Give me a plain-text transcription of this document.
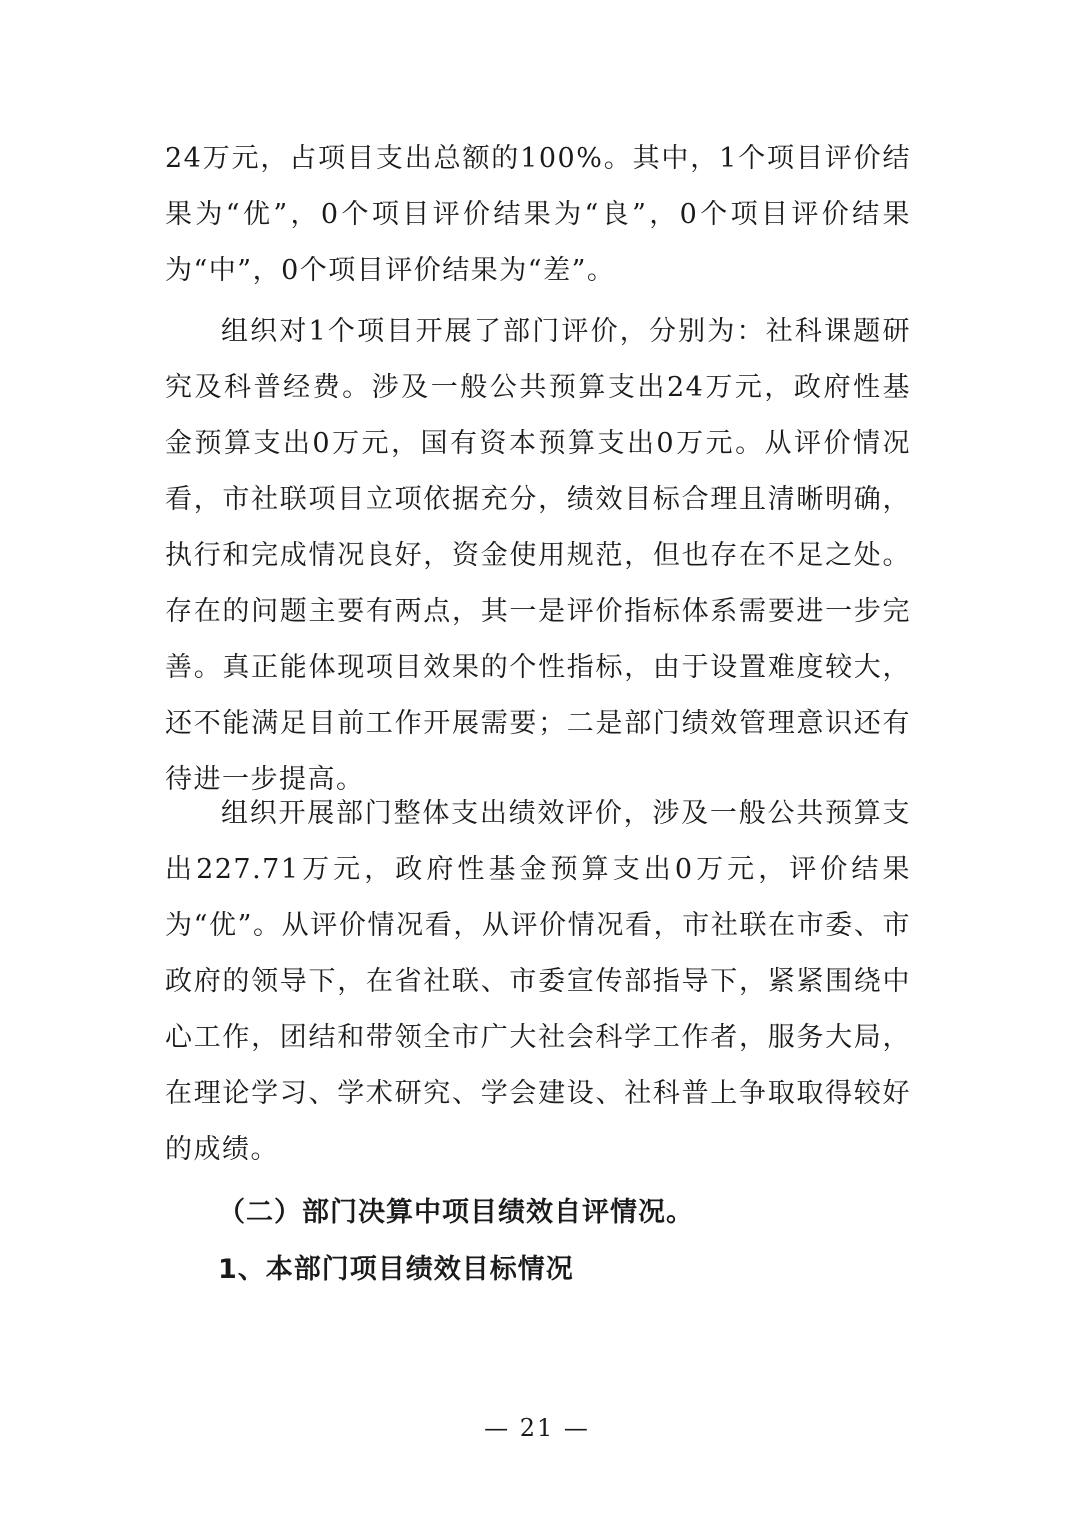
24万元，占项目支出总额的100%。其中，1个项目评价结果为“优”，0个项目评价结果为“良”，0个项目评价结果为“中”，0个项目评价结果为“差”。

组织对1个项目开展了部门评价，分别为：社科课题研究及科普经费。涉及一般公共预算支出24万元，政府性基金预算支出0万元，国有资本预算支出0万元。从评价情况看，市社联项目立项依据充分，绩效目标合理且清晰明确，执行和完成情况良好，资金使用规范，但也存在不足之处。存在的问题主要有两点，其一是评价指标体系需要进一步完善。真正能体现项目效果的个性指标，由于设置难度较大，还不能满足目前工作开展需要；二是部门绩效管理意识还有待进一步提高。

组织开展部门整体支出绩效评价，涉及一般公共预算支出227.71万元，政府性基金预算支出0万元，评价结果为“优”。从评价情况看，从评价情况看，市社联在市委、市政府的领导下，在省社联、市委宣传部指导下，紧紧围绕中心工作，团结和带领全市广大社会科学工作者，服务大局，在理论学习、学术研究、学会建设、社科普上争取取得较好的成绩。

（二）部门决算中项目绩效自评情况。
1、本部门项目绩效目标情况
— 21 —
